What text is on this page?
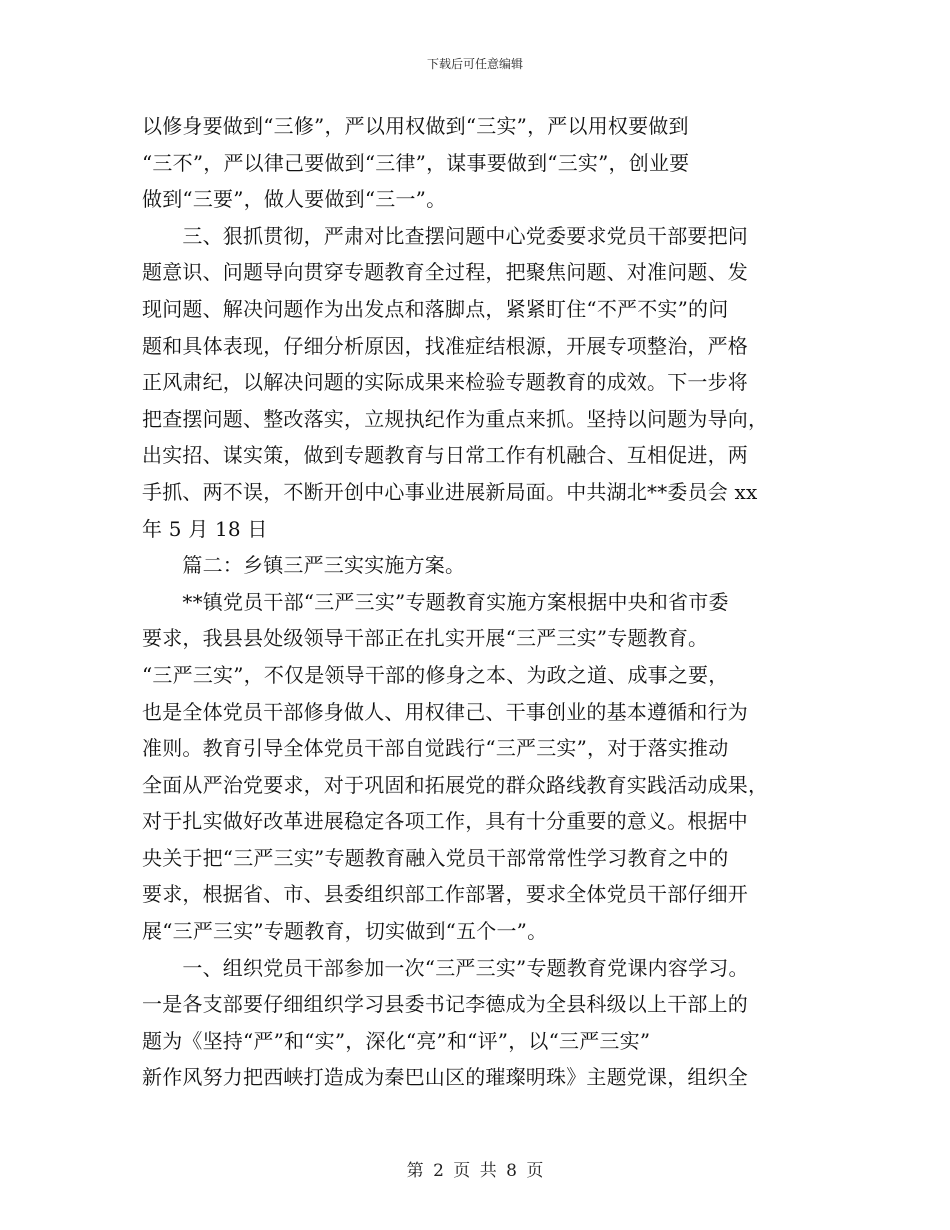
下载后可任意编辑
以修身要做到“三修”，严以用权做到“三实”，严以用权要做到
“三不”，严以律己要做到“三律”，谋事要做到“三实”，创业要
做到“三要”，做人要做到“三一”。
　　三、狠抓贯彻，严肃对比查摆问题中心党委要求党员干部要把问
题意识、问题导向贯穿专题教育全过程，把聚焦问题、对准问题、发
现问题、解决问题作为出发点和落脚点，紧紧盯住“不严不实”的问
题和具体表现，仔细分析原因，找准症结根源，开展专项整治，严格
正风肃纪，以解决问题的实际成果来检验专题教育的成效。下一步将
把查摆问题、整改落实，立规执纪作为重点来抓。坚持以问题为导向，
出实招、谋实策，做到专题教育与日常工作有机融合、互相促进，两
手抓、两不误，不断开创中心事业进展新局面。中共湖北**委员会 xx
年 5 月 18 日
　　篇二：乡镇三严三实实施方案。
　　**镇党员干部“三严三实”专题教育实施方案根据中央和省市委
要求，我县县处级领导干部正在扎实开展“三严三实”专题教育。
“三严三实”，不仅是领导干部的修身之本、为政之道、成事之要，
也是全体党员干部修身做人、用权律己、干事创业的基本遵循和行为
准则。教育引导全体党员干部自觉践行“三严三实”，对于落实推动
全面从严治党要求，对于巩固和拓展党的群众路线教育实践活动成果，
对于扎实做好改革进展稳定各项工作，具有十分重要的意义。根据中
央关于把“三严三实”专题教育融入党员干部常常性学习教育之中的
要求，根据省、市、县委组织部工作部署，要求全体党员干部仔细开
展“三严三实”专题教育，切实做到“五个一”。
　　一、组织党员干部参加一次“三严三实”专题教育党课内容学习。
一是各支部要仔细组织学习县委书记李德成为全县科级以上干部上的
题为《坚持“严”和“实”，深化“亮”和“评”，以“三严三实”
新作风努力把西峡打造成为秦巴山区的璀璨明珠》主题党课，组织全
第 2 页 共 8 页
